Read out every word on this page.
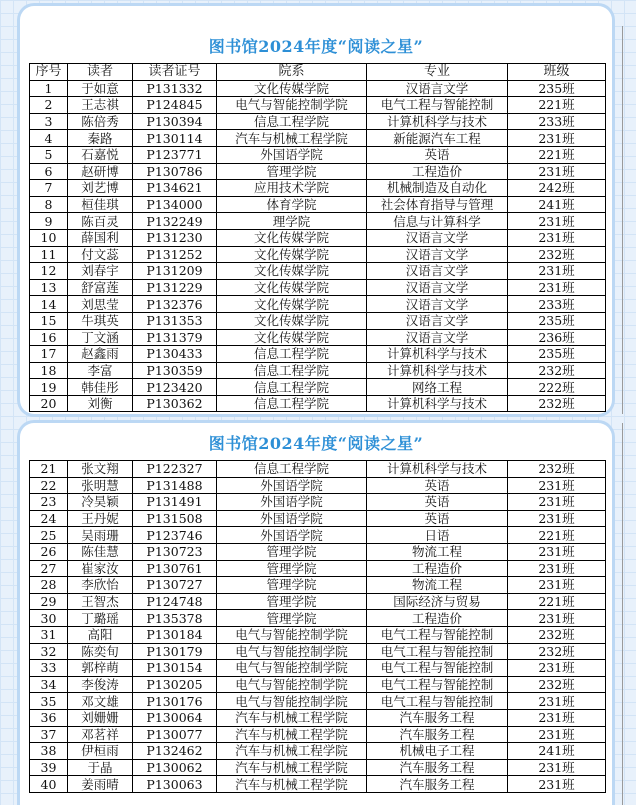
图书馆2024年度“阅读之星”
序号	读者	读者证号	院系	专业	班级
1	于如意	P131332	文化传媒学院	汉语言文学	235班
2	王志祺	P124845	电气与智能控制学院	电气工程与智能控制	221班
3	陈倍秀	P130394	信息工程学院	计算机科学与技术	233班
4	秦路	P130114	汽车与机械工程学院	新能源汽车工程	231班
5	石嘉悦	P123771	外国语学院	英语	221班
6	赵研博	P130786	管理学院	工程造价	231班
7	刘艺博	P134621	应用技术学院	机械制造及自动化	242班
8	桓佳琪	P134000	体育学院	社会体育指导与管理	241班
9	陈百灵	P132249	理学院	信息与计算科学	231班
10	薛国利	P131230	文化传媒学院	汉语言文学	231班
11	付文蕊	P131252	文化传媒学院	汉语言文学	232班
12	刘春宇	P131209	文化传媒学院	汉语言文学	231班
13	舒富莲	P131229	文化传媒学院	汉语言文学	231班
14	刘思莹	P132376	文化传媒学院	汉语言文学	233班
15	牛琪英	P131353	文化传媒学院	汉语言文学	235班
16	丁文涵	P131379	文化传媒学院	汉语言文学	236班
17	赵鑫雨	P130433	信息工程学院	计算机科学与技术	235班
18	李富	P130359	信息工程学院	计算机科学与技术	232班
19	韩佳彤	P123420	信息工程学院	网络工程	222班
20	刘衡	P130362	信息工程学院	计算机科学与技术	232班
图书馆2024年度“阅读之星”
21	张文翔	P122327	信息工程学院	计算机科学与技术	232班
22	张明慧	P131488	外国语学院	英语	231班
23	冷昊颖	P131491	外国语学院	英语	231班
24	王丹妮	P131508	外国语学院	英语	231班
25	吴雨珊	P123746	外国语学院	日语	221班
26	陈佳慧	P130723	管理学院	物流工程	231班
27	崔家汝	P130761	管理学院	工程造价	231班
28	李欣怡	P130727	管理学院	物流工程	231班
29	王智杰	P124748	管理学院	国际经济与贸易	221班
30	丁璐瑶	P135378	管理学院	工程造价	231班
31	高阳	P130184	电气与智能控制学院	电气工程与智能控制	232班
32	陈奕旬	P130179	电气与智能控制学院	电气工程与智能控制	232班
33	郭梓萌	P130154	电气与智能控制学院	电气工程与智能控制	231班
34	李俊涛	P130205	电气与智能控制学院	电气工程与智能控制	232班
35	邓文雄	P130176	电气与智能控制学院	电气工程与智能控制	231班
36	刘姗姗	P130064	汽车与机械工程学院	汽车服务工程	231班
37	邓茗祥	P130077	汽车与机械工程学院	汽车服务工程	231班
38	伊桓雨	P132462	汽车与机械工程学院	机械电子工程	241班
39	于晶	P130062	汽车与机械工程学院	汽车服务工程	231班
40	姜雨晴	P130063	汽车与机械工程学院	汽车服务工程	231班
